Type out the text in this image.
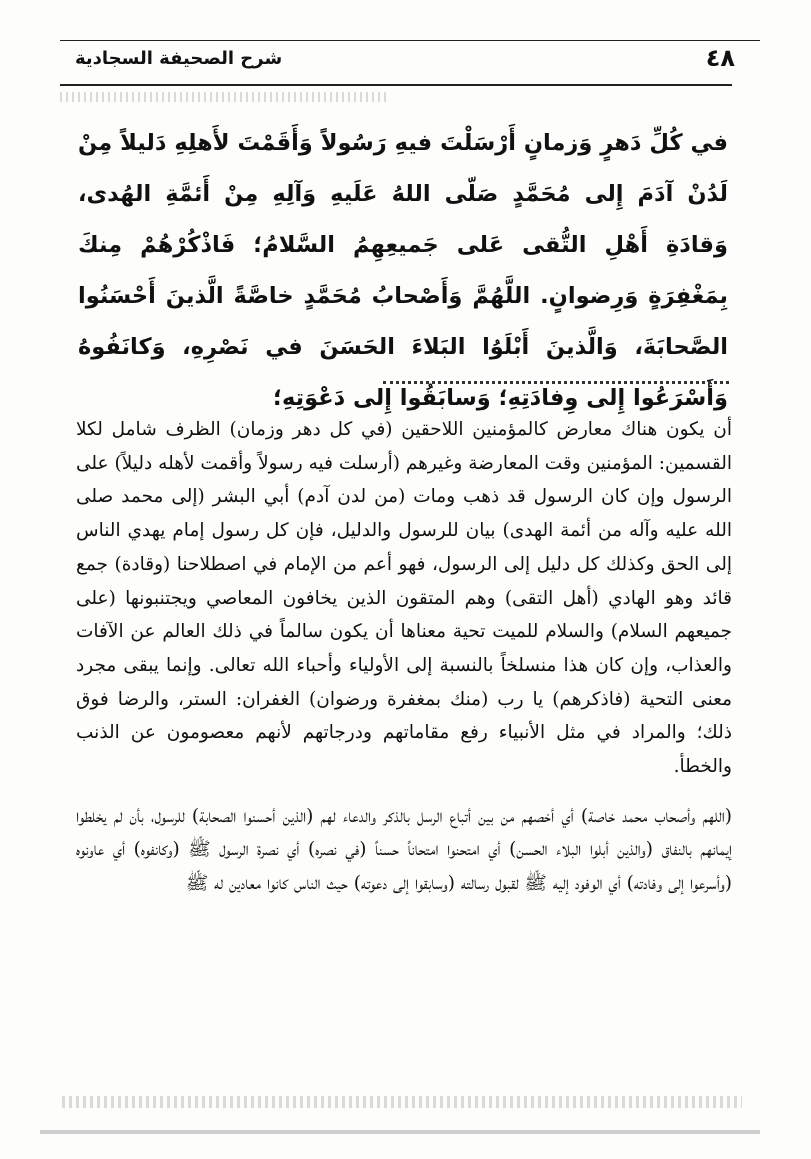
٤٨
شرح الصحيفة السجادية

في كُلِّ دَهرٍ وَزمانٍ أَرْسَلْتَ فيهِ رَسُولاً وَأَقَمْتَ لأَهلِهِ دَليلاً مِنْ لَدُنْ آدَمَ إِلى مُحَمَّدٍ صَلّى اللهُ عَلَيهِ وَآلِهِ مِنْ أَئمَّةِ الهُدى، وَقادَةِ أَهْلِ التُّقى عَلى جَميعِهِمُ السَّلامُ؛ فَاذْكُرْهُمْ مِنكَ بِمَغْفِرَةٍ وَرِضوانٍ. اللَّهُمَّ وَأَصْحابُ مُحَمَّدٍ خاصَّةً الَّذينَ أَحْسَنُوا الصَّحابَةَ، وَالَّذينَ أَبْلَوُا البَلاءَ الحَسَنَ في نَصْرِهِ، وَكانَفُوهُ وَأَسْرَعُوا إِلى وِفادَتِهِ؛ وَسابَقُوا إِلى دَعْوَتِهِ؛

أن يكون هناك معارض كالمؤمنين اللاحقين (في كل دهر وزمان) الظرف شامل لكلا القسمين: المؤمنين وقت المعارضة وغيرهم (أرسلت فيه رسولاً وأقمت لأهله دليلاً) على الرسول وإن كان الرسول قد ذهب ومات (من لدن آدم) أبي البشر (إلى محمد صلى الله عليه وآله من أئمة الهدى) بيان للرسول والدليل، فإن كل رسول إمام يهدي الناس إلى الحق وكذلك كل دليل إلى الرسول، فهو أعم من الإمام في اصطلاحنا (وقادة) جمع قائد وهو الهادي (أهل التقى) وهم المتقون الذين يخافون المعاصي ويجتنبونها (على جميعهم السلام) والسلام للميت تحية معناها أن يكون سالماً في ذلك العالم عن الآفات والعذاب، وإن كان هذا منسلخاً بالنسبة إلى الأولياء وأحباء الله تعالى. وإنما يبقى مجرد معنى التحية (فاذكرهم) يا رب (منك بمغفرة ورضوان) الغفران: الستر، والرضا فوق ذلك؛ والمراد في مثل الأنبياء رفع مقاماتهم ودرجاتهم لأنهم معصومون عن الذنب والخطأ.

(اللهم وأصحاب محمد خاصة) أي أخصهم من بين أتباع الرسل بالذكر والدعاء لهم (الذين أحسنوا الصحابة) للرسول، بأن لم يخلطوا إيمانهم بالنفاق (والذين أبلوا البلاء الحسن) أي امتحنوا امتحاناً حسناً (في نصره) أي نصرة الرسول ﷺ (وكانفوه) أي عاونوه (وأسرعوا إلى وفادته) أي الوفود إليه ﷺ لقبول رسالته (وسابقوا إلى دعوته) حيث الناس كانوا معادين له ﷺ
